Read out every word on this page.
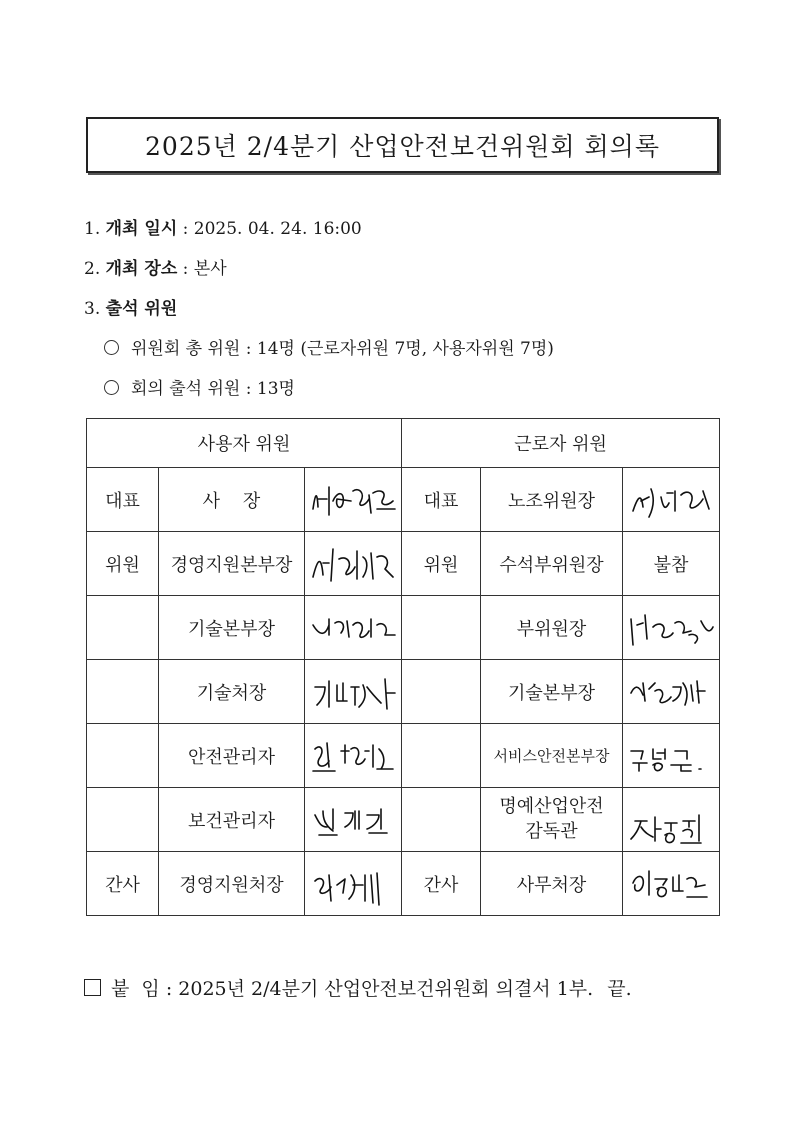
2025년 2/4분기 산업안전보건위원회 회의록
1. 개최 일시 : 2025. 04. 24. 16:00
2. 개최 장소 : 본사
3. 출석 위원
위원회 총 위원 : 14명 (근로자위원 7명, 사용자위원 7명)
회의 출석 위원 : 13명
사용자 위원			근로자 위원		
대표	사    장		대표	노조위원장	

위원	경영지원본부장		위원	수석부위원장	불참
	기술본부장			부위원장	

	기술처장			기술본부장	

	안전관리자			서비스안전본부장	

	보건관리자			명예산업안전
감독관	

간사	경영지원처장		간사	사무처장	
붙  임 : 2025년 2/4분기 산업안전보건위원회 의결서 1부. 끝.
